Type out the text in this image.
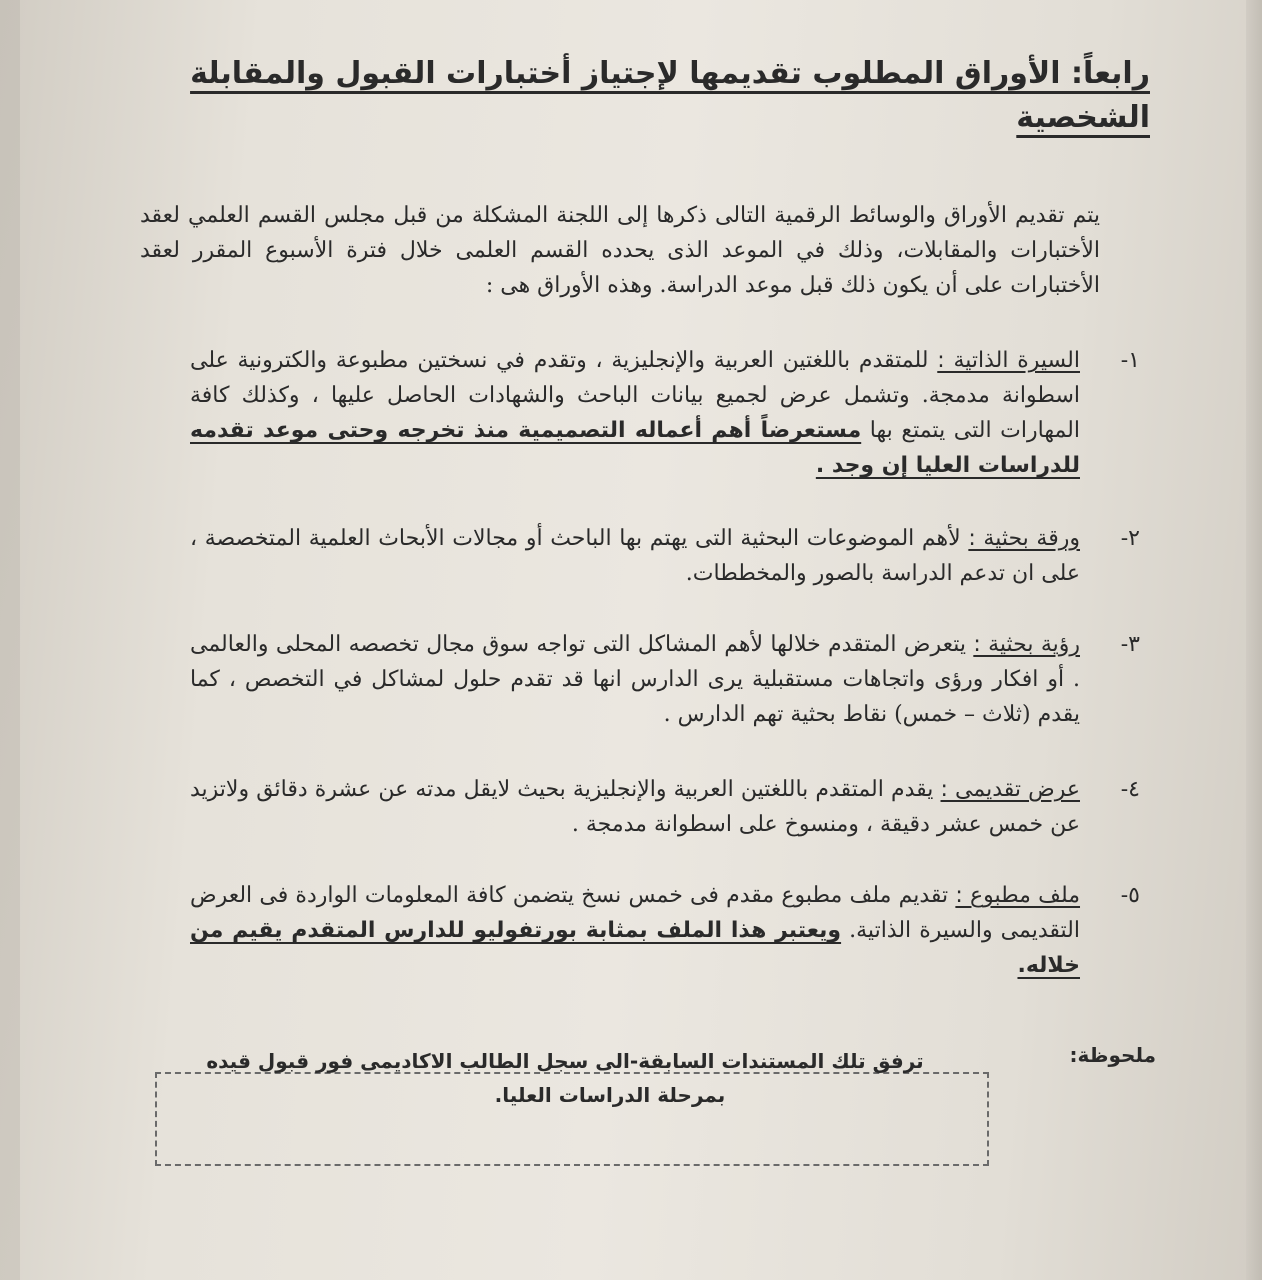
رابعاً: الأوراق المطلوب تقديمها لإجتياز أختبارات القبول والمقابلة الشخصية

يتم تقديم الأوراق والوسائط الرقمية التالى ذكرها إلى اللجنة المشكلة من قبل مجلس القسم العلمي لعقد الأختبارات والمقابلات، وذلك في الموعد الذى يحدده القسم العلمى خلال فترة الأسبوع المقرر لعقد الأختبارات على أن يكون ذلك قبل موعد الدراسة. وهذه الأوراق هى :

١-
السيرة الذاتية : للمتقدم باللغتين العربية والإنجليزية ، وتقدم في نسختين مطبوعة والكترونية على اسطوانة مدمجة. وتشمل عرض لجميع بيانات الباحث والشهادات الحاصل عليها ، وكذلك كافة المهارات التى يتمتع بها مستعرضاً أهم أعماله التصميمية منذ تخرجه وحتى موعد تقدمه للدراسات العليا إن وجد .
٢-
ورقة بحثية : لأهم الموضوعات البحثية التى يهتم بها الباحث أو مجالات الأبحاث العلمية المتخصصة ، على ان تدعم الدراسة بالصور والمخططات.
٣-
رؤية بحثية : يتعرض المتقدم خلالها لأهم المشاكل التى تواجه سوق مجال تخصصه المحلى والعالمى . أو افكار ورؤى واتجاهات مستقبلية يرى الدارس انها قد تقدم حلول لمشاكل في التخصص ، كما يقدم (ثلاث – خمس) نقاط بحثية تهم الدارس .
٤-
عرض تقديمى : يقدم المتقدم باللغتين العربية والإنجليزية بحيث لايقل مدته عن عشرة دقائق ولاتزيد عن خمس عشر دقيقة ، ومنسوخ على اسطوانة مدمجة .
٥-
ملف مطبوع : تقديم ملف مطبوع مقدم فى خمس نسخ يتضمن كافة المعلومات الواردة فى العرض التقديمى والسيرة الذاتية. ويعتبر هذا الملف بمثابة بورتفوليو للدارس المتقدم يقيم من خلاله.
ملحوظة:
ترفق تلك المستندات السابقة-الى سجل الطالب الاكاديمى فور قبول قيده بمرحلة الدراسات العليا.
